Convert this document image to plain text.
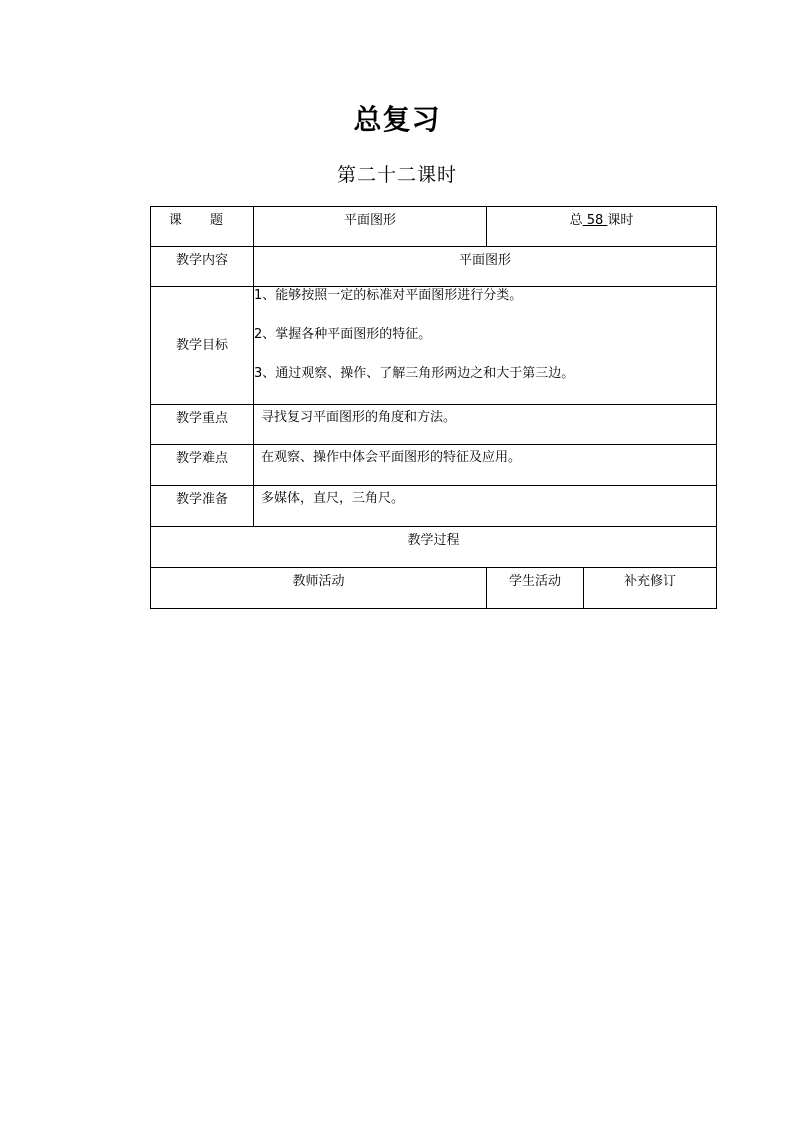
总复习
第二十二课时
课 题	平面图形	总 58 课时	
教学内容	平面图形		
教学目标	1、能够按照一定的标准对平面图形进行分类。

2、掌握各种平面图形的特征。

3、通过观察、操作、了解三角形两边之和大于第三边。		

教学重点	寻找复习平面图形的角度和方法。		
教学难点	在观察、操作中体会平面图形的特征及应用。		
教学准备	多媒体，直尺，三角尺。		
教学过程			
教师活动		学生活动	补充修订
